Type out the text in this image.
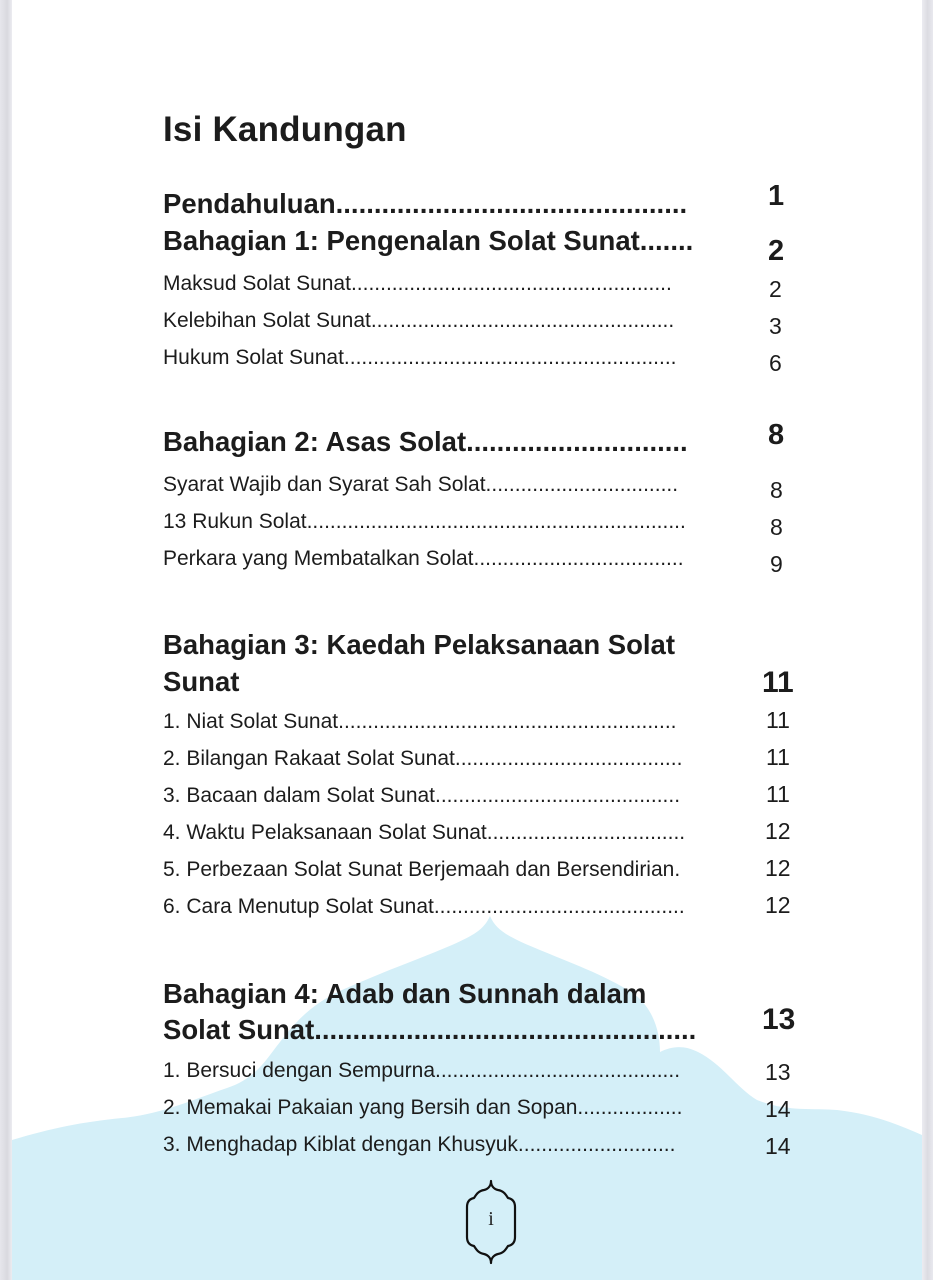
Isi Kandungan
Pendahuluan..............................................	1
Bahagian 1: Pengenalan Solat Sunat.......	2
Maksud Solat Sunat.......................................................	2
Kelebihan Solat Sunat....................................................	3
Hukum Solat Sunat.........................................................	6
Bahagian 2: Asas Solat.............................	8
Syarat Wajib dan Syarat Sah Solat.................................	8
13 Rukun Solat.................................................................	8
Perkara yang Membatalkan Solat....................................	9
Bahagian 3: Kaedah Pelaksanaan Solat
Sunat	11
1. Niat Solat Sunat..........................................................	11
2. Bilangan Rakaat Solat Sunat.......................................	11
3. Bacaan dalam Solat Sunat..........................................	11
4. Waktu Pelaksanaan Solat Sunat..................................	12
5. Perbezaan Solat Sunat Berjemaah dan Bersendirian.	12
6. Cara Menutup Solat Sunat...........................................	12
Bahagian 4: Adab dan Sunnah dalam
Solat Sunat..................................................	13
1. Bersuci dengan Sempurna..........................................	13
2. Memakai Pakaian yang Bersih dan Sopan..................	14
3. Menghadap Kiblat dengan Khusyuk...........................	14
i
